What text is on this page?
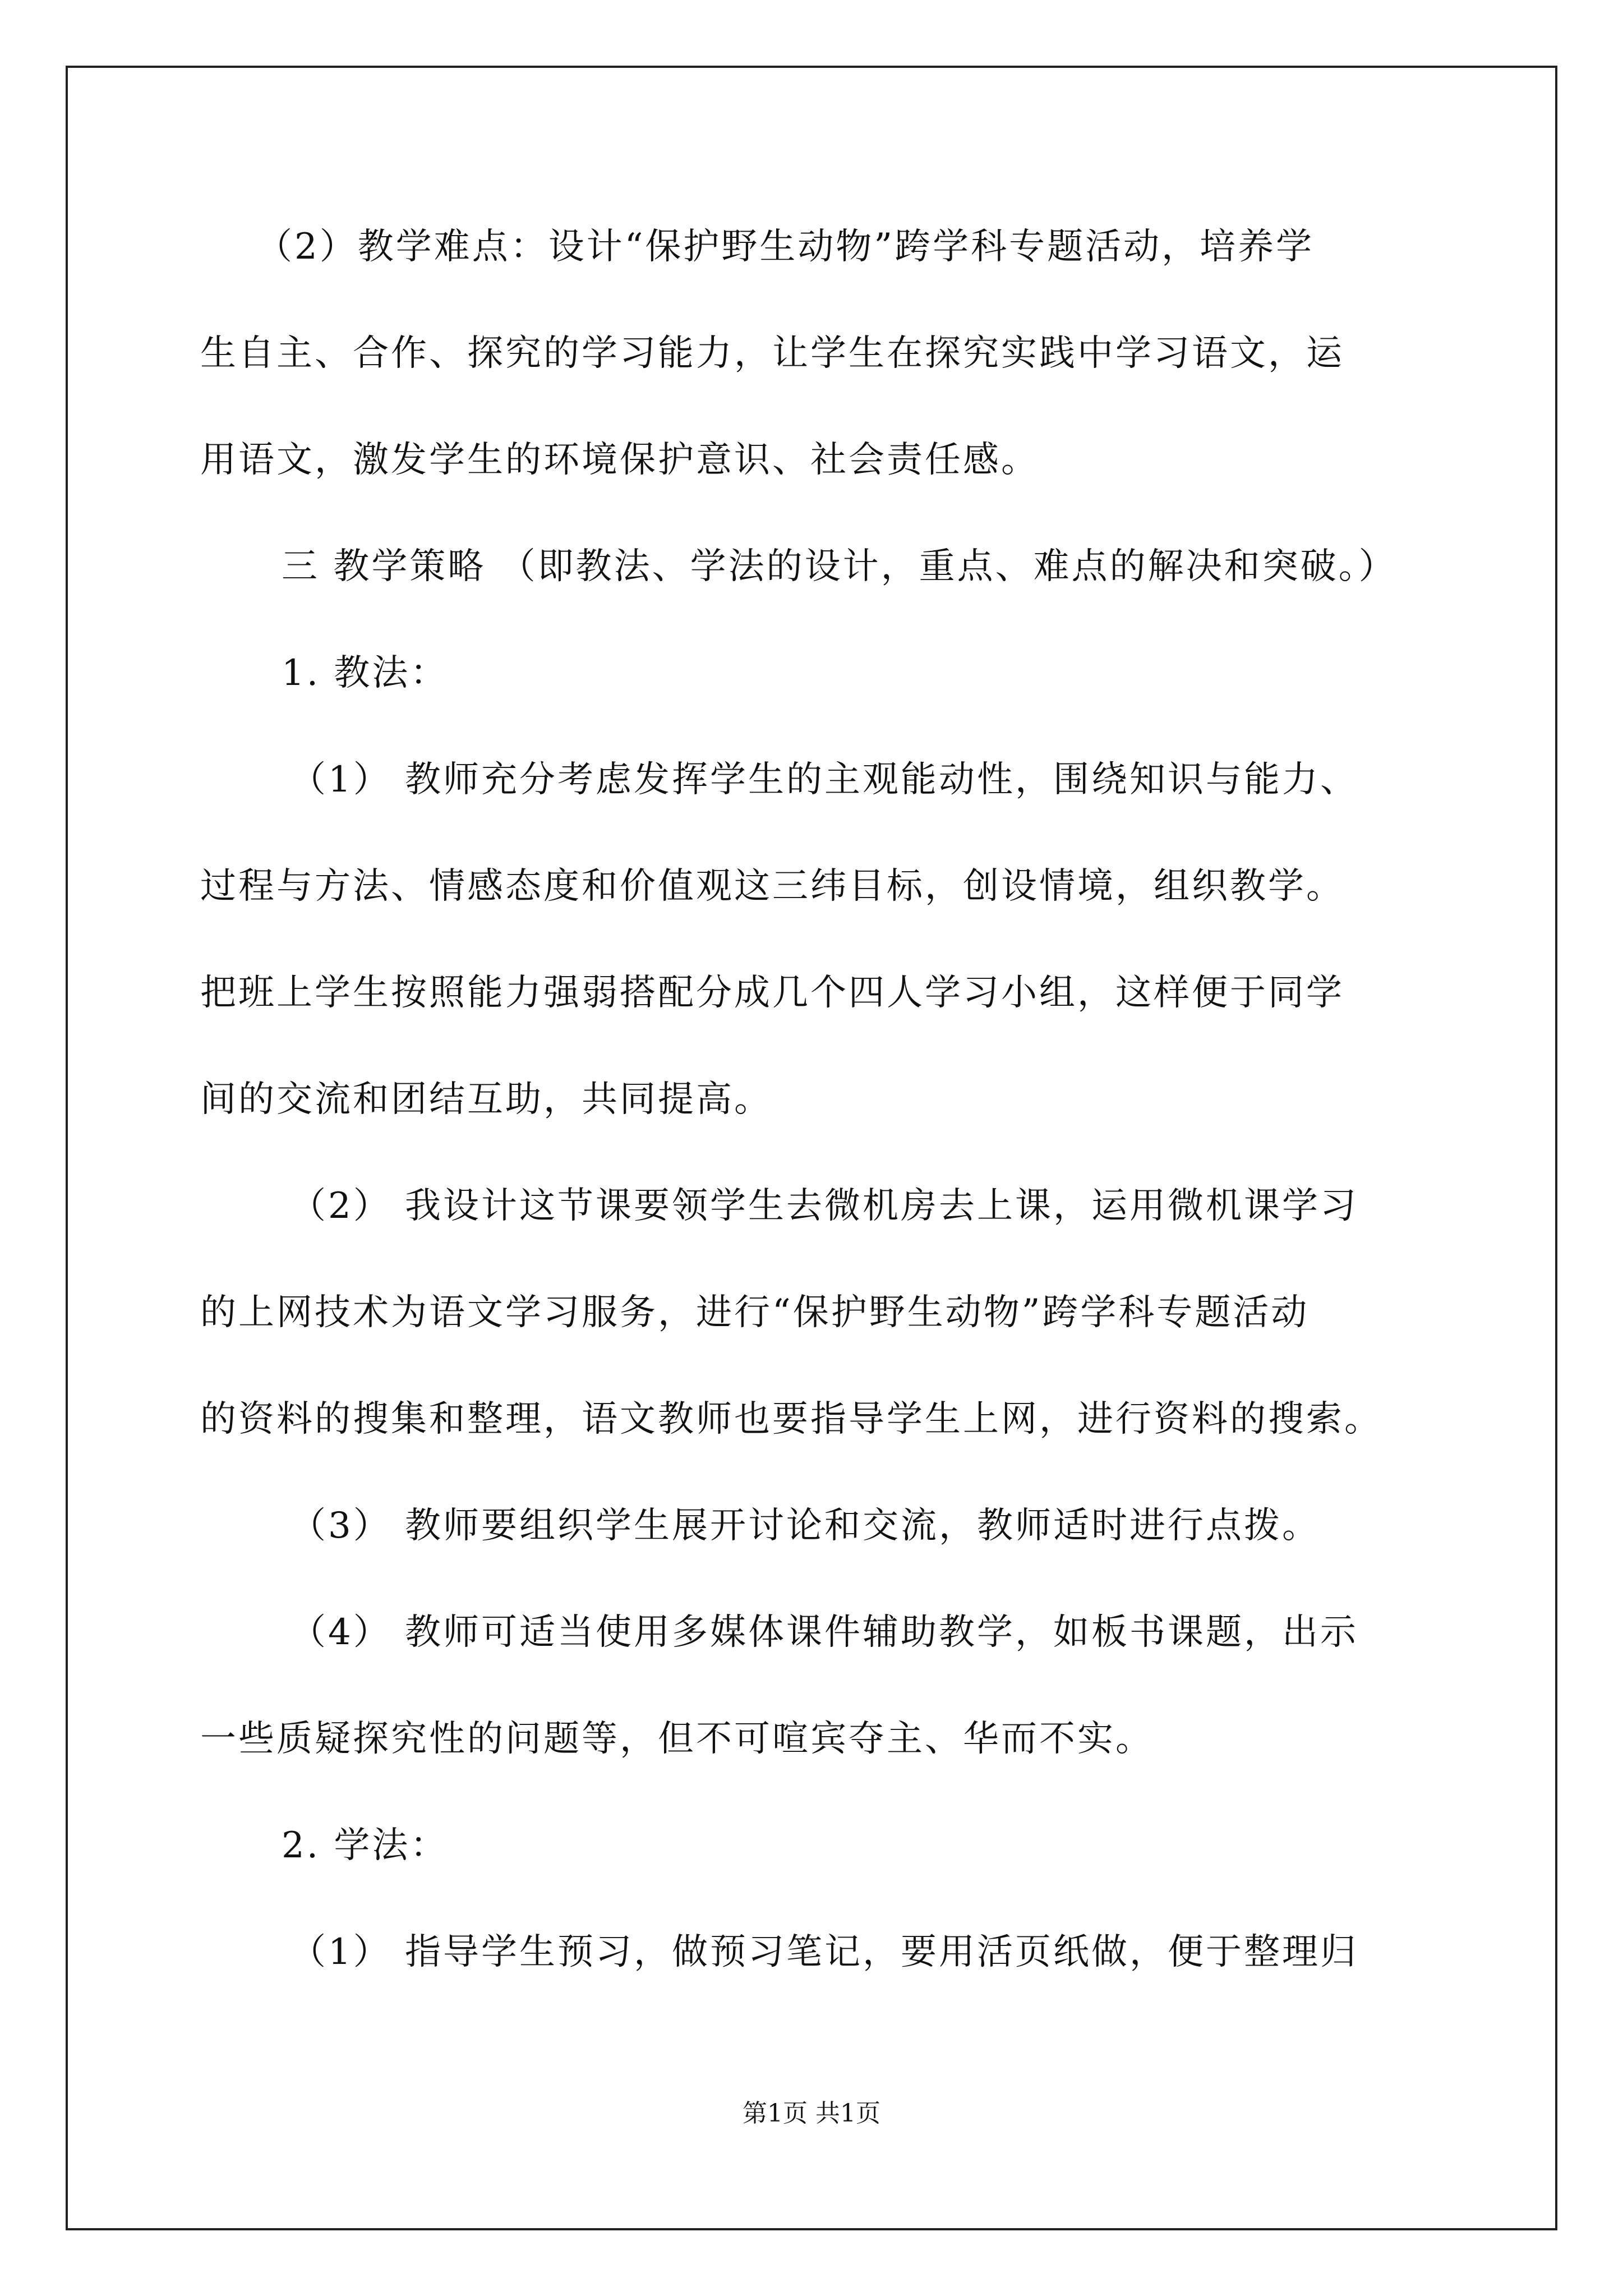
（2）教学难点：设计“保护野生动物”跨学科专题活动，培养学
生自主、合作、探究的学习能力，让学生在探究实践中学习语文，运
用语文，激发学生的环境保护意识、社会责任感。
三 教学策略 （即教法、学法的设计，重点、难点的解决和突破。）
1. 教法：
（1） 教师充分考虑发挥学生的主观能动性，围绕知识与能力、
过程与方法、情感态度和价值观这三纬目标，创设情境，组织教学。
把班上学生按照能力强弱搭配分成几个四人学习小组，这样便于同学
间的交流和团结互助，共同提高。
（2） 我设计这节课要领学生去微机房去上课，运用微机课学习
的上网技术为语文学习服务，进行“保护野生动物”跨学科专题活动
的资料的搜集和整理，语文教师也要指导学生上网，进行资料的搜索。
（3） 教师要组织学生展开讨论和交流，教师适时进行点拨。
（4） 教师可适当使用多媒体课件辅助教学，如板书课题，出示
一些质疑探究性的问题等，但不可喧宾夺主、华而不实。
2. 学法：
（1） 指导学生预习，做预习笔记，要用活页纸做，便于整理归
第1页 共1页
